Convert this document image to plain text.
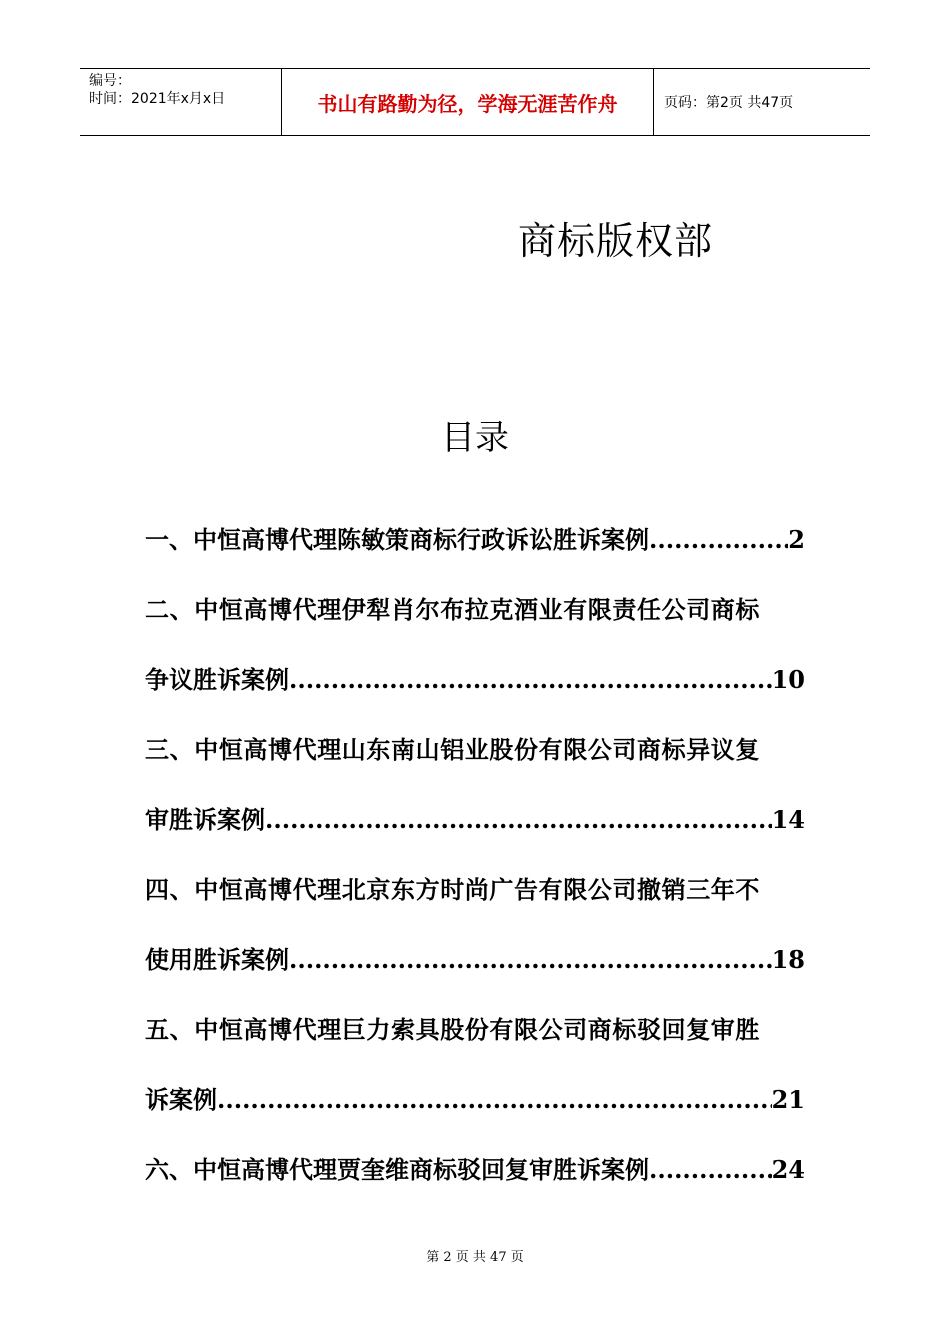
编号：
时间：2021年x月x日	书山有路勤为径，学海无涯苦作舟	页码：第2页 共47页
商标版权部
目录
一、中恒高博代理陈敏策商标行政诉讼胜诉案例 .....	2
二、中恒高博代理伊犁肖尔布拉克酒业有限责任公司商标
争议胜诉案例 .....	10
三、中恒高博代理山东南山铝业股份有限公司商标异议复
审胜诉案例 .....	14
四、中恒高博代理北京东方时尚广告有限公司撤销三年不
使用胜诉案例 .....	18
五、中恒高博代理巨力索具股份有限公司商标驳回复审胜
诉案例 .....	21
六、中恒高博代理贾奎维商标驳回复审胜诉案例 .....	24
第 2 页 共 47 页
